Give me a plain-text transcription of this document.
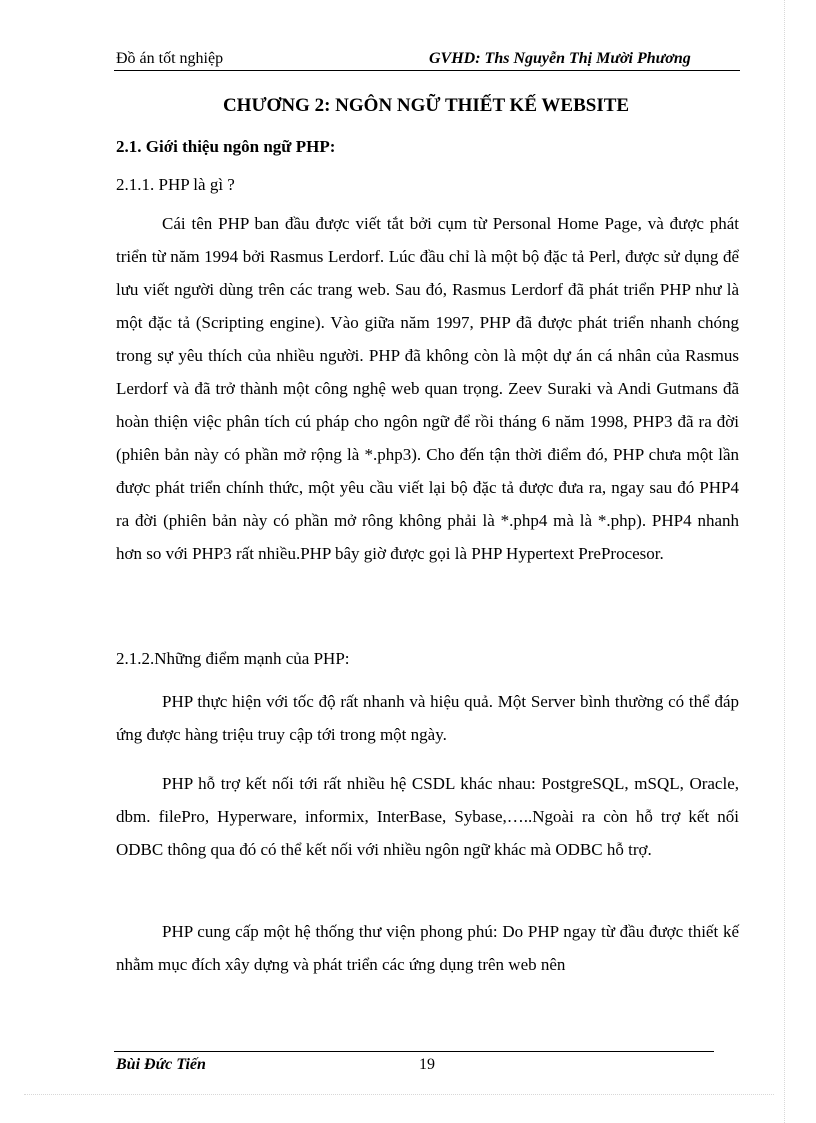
Đồ án tốt nghiệp	GVHD: Ths Nguyễn Thị Mười Phương
CHƯƠNG 2: NGÔN NGỮ THIẾT KẾ WEBSITE
2.1. Giới thiệu ngôn ngữ PHP:
2.1.1. PHP là gì ?

Cái tên PHP ban đầu được viết tắt bởi cụm từ Personal Home Page, và được phát triển từ năm 1994 bởi Rasmus Lerdorf. Lúc đầu chỉ là một bộ đặc tả Perl, được sử dụng để lưu viết người dùng trên các trang web. Sau đó, Rasmus Lerdorf đã phát triển PHP như là một đặc tả (Scripting engine). Vào giữa năm 1997, PHP đã được phát triển nhanh chóng trong sự yêu thích của nhiều người. PHP đã không còn là một dự án cá nhân của Rasmus Lerdorf và đã trở thành một công nghệ web quan trọng. Zeev Suraki và Andi Gutmans đã hoàn thiện việc phân tích cú pháp cho ngôn ngữ để rồi tháng 6 năm 1998, PHP3 đã ra đời (phiên bản này có phần mở rộng là *.php3). Cho đến tận thời điểm đó, PHP chưa một lần được phát triển chính thức, một yêu cầu viết lại bộ đặc tả được đưa ra, ngay sau đó PHP4 ra đời (phiên bản này có phần mở rông không phải là *.php4 mà là *.php). PHP4 nhanh hơn so với PHP3 rất nhiều.PHP bây giờ được gọi là PHP Hypertext PreProcesor.

2.1.2.Những điểm mạnh của PHP:

PHP thực hiện với tốc độ rất nhanh và hiệu quả. Một Server bình thường có thể đáp ứng được hàng triệu truy cập tới trong một ngày.

PHP hỗ trợ kết nối tới rất nhiều hệ CSDL khác nhau: PostgreSQL, mSQL, Oracle, dbm. filePro, Hyperware, informix, InterBase, Sybase,…..Ngoài ra còn hỗ trợ kết nối ODBC thông qua đó có thể kết nối với nhiều ngôn ngữ khác mà ODBC hỗ trợ.

PHP cung cấp một hệ thống thư viện phong phú: Do PHP ngay từ đầu được thiết kế nhằm mục đích xây dựng và phát triển các ứng dụng trên web nên

Bùi Đức Tiến	19
